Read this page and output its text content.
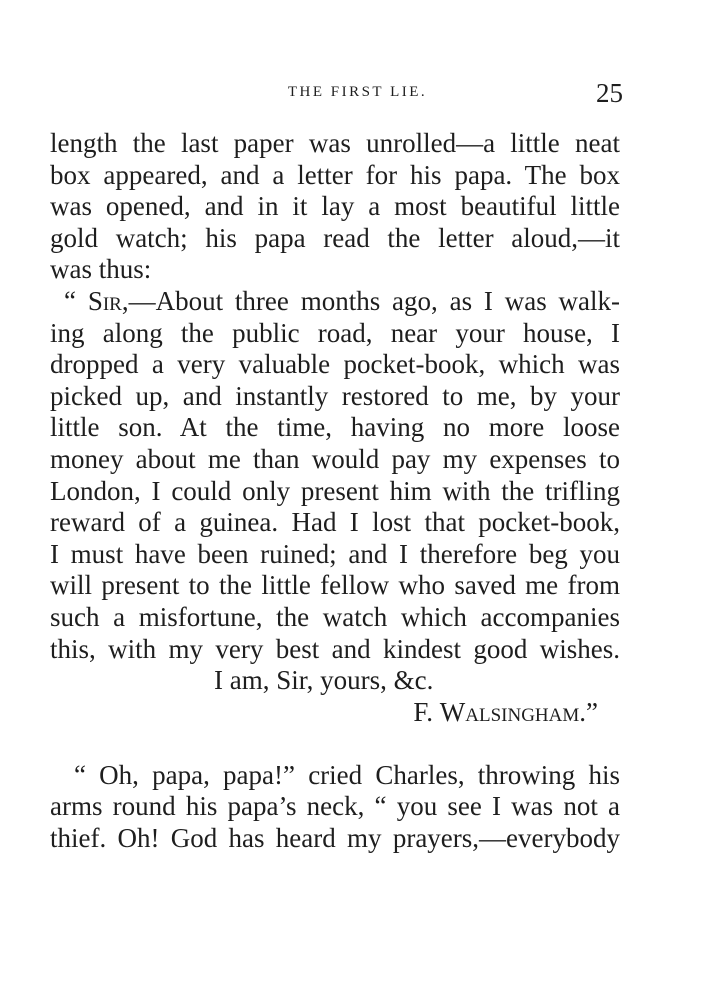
THE FIRST LIE.	25
length the last paper was unrolled—a little neat
box appeared, and a letter for his papa. The box
was opened, and in it lay a most beautiful little
gold watch; his papa read the letter aloud,—it
was thus:
“ Sir,—About three months ago, as I was walk-
ing along the public road, near your house, I
dropped a very valuable pocket-book, which was
picked up, and instantly restored to me, by your
little son. At the time, having no more loose
money about me than would pay my expenses to
London, I could only present him with the trifling
reward of a guinea. Had I lost that pocket-book,
I must have been ruined; and I therefore beg you
will present to the little fellow who saved me from
such a misfortune, the watch which accompanies
this, with my very best and kindest good wishes.
I am, Sir, yours, &c.
F. Walsingham.”
“ Oh, papa, papa!” cried Charles, throwing his
arms round his papa’s neck, “ you see I was not a
thief. Oh! God has heard my prayers,—everybody
